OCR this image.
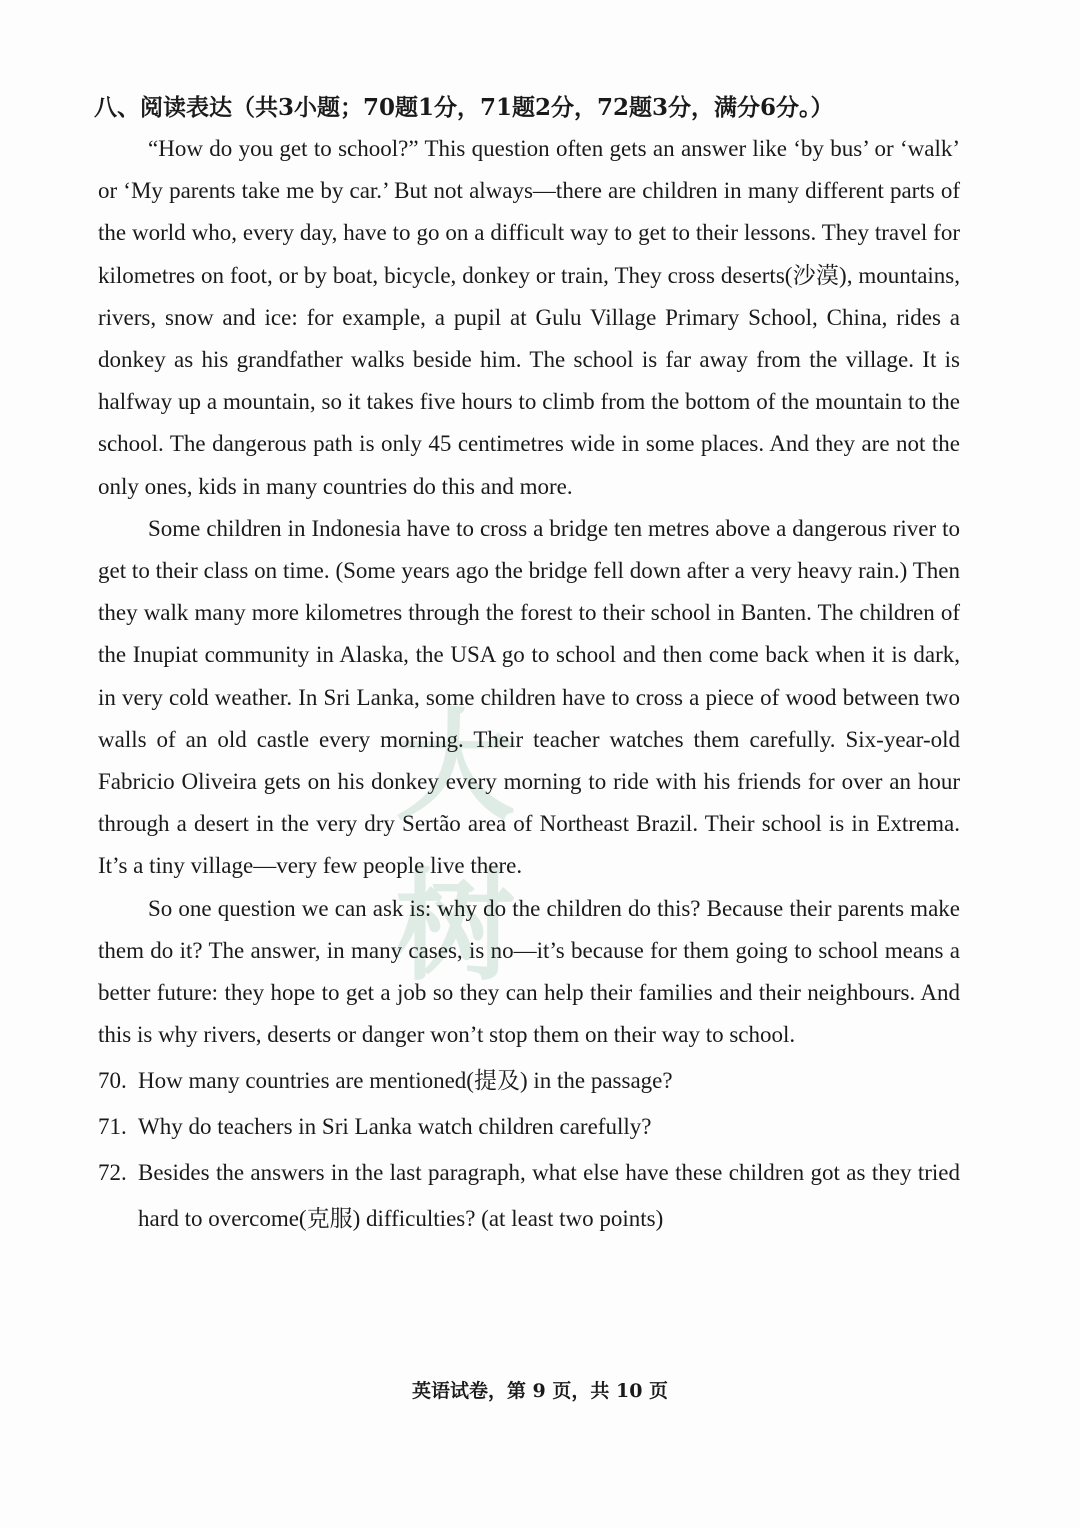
大树
八、阅读表达（共3小题；70题1分，71题2分，72题3分，满分6分。）

“How do you get to school?” This question often gets an answer like ‘by bus’ or ‘walk’ or ‘My parents take me by car.’ But not always—there are children in many different parts of the world who, every day, have to go on a difficult way to get to their lessons. They travel for kilometres on foot, or by boat, bicycle, donkey or train, They cross deserts(沙漠), mountains, rivers, snow and ice: for example, a pupil at Gulu Village Primary School, China, rides a donkey as his grandfather walks beside him. The school is far away from the village. It is halfway up a mountain, so it takes five hours to climb from the bottom of the mountain to the school. The dangerous path is only 45 centimetres wide in some places. And they are not the only ones, kids in many countries do this and more.

Some children in Indonesia have to cross a bridge ten metres above a dangerous river to get to their class on time. (Some years ago the bridge fell down after a very heavy rain.) Then they walk many more kilometres through the forest to their school in Banten. The children of the Inupiat community in Alaska, the USA go to school and then come back when it is dark, in very cold weather. In Sri Lanka, some children have to cross a piece of wood between two walls of an old castle every morning. Their teacher watches them carefully. Six-year-old Fabricio Oliveira gets on his donkey every morning to ride with his friends for over an hour through a desert in the very dry Sertão area of Northeast Brazil. Their school is in Extrema. It’s a tiny village—very few people live there.

So one question we can ask is: why do the children do this? Because their parents make them do it? The answer, in many cases, is no—it’s because for them going to school means a better future: they hope to get a job so they can help their families and their neighbours. And this is why rivers, deserts or danger won’t stop them on their way to school.

70. How many countries are mentioned(提及) in the passage?
71. Why do teachers in Sri Lanka watch children carefully?
72. Besides the answers in the last paragraph, what else have these children got as they tried hard to overcome(克服) difficulties? (at least two points)
英语试卷，第 9 页，共 10 页
